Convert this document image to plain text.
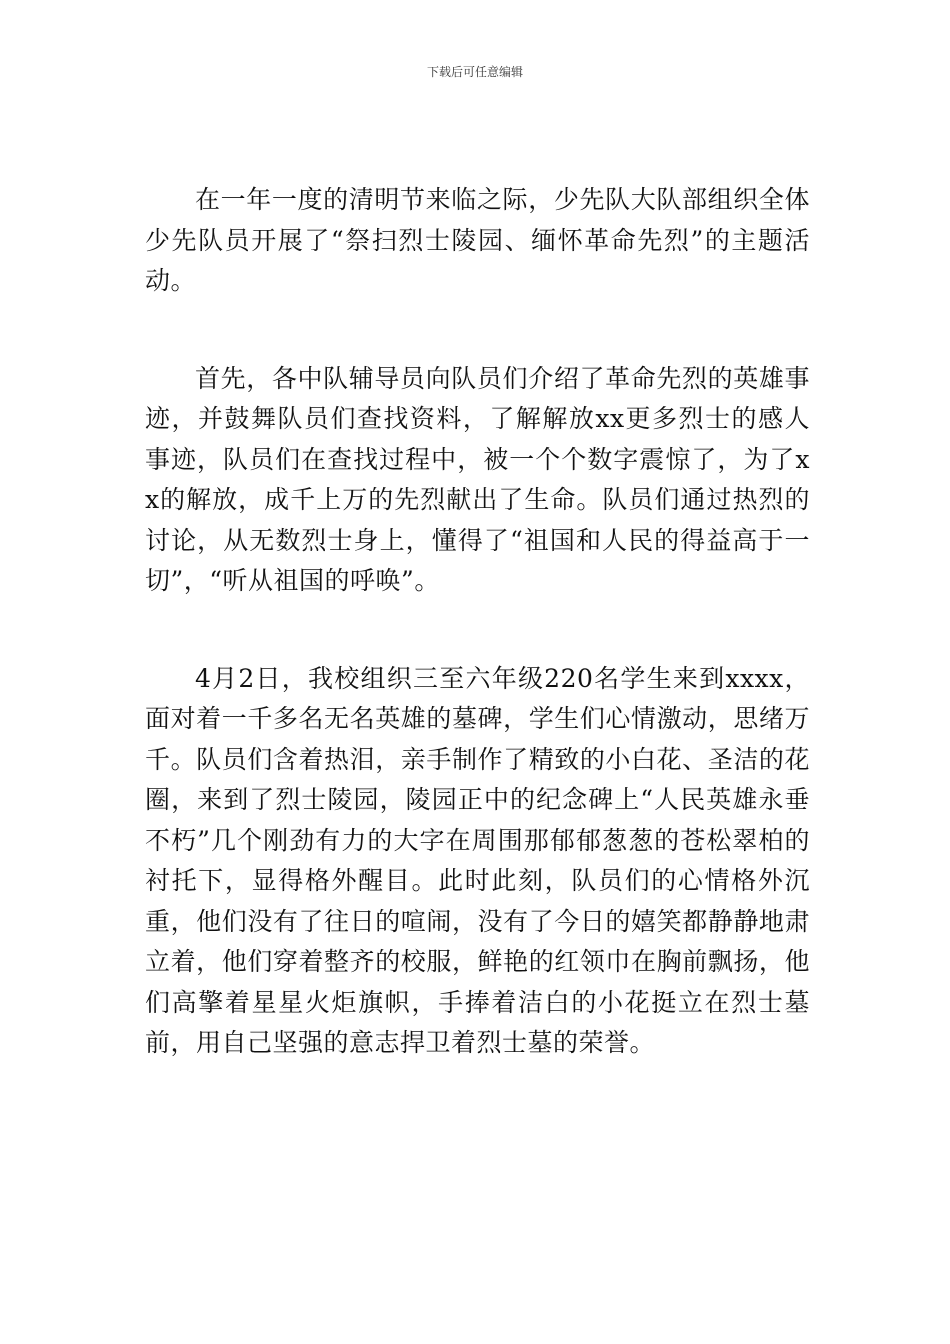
下载后可任意编辑

在一年一度的清明节来临之际，少先队大队部组织全体少先队员开展了“祭扫烈士陵园、缅怀革命先烈”的主题活动。

首先，各中队辅导员向队员们介绍了革命先烈的英雄事迹，并鼓舞队员们查找资料，了解解放xx更多烈士的感人事迹，队员们在查找过程中，被一个个数字震惊了，为了xx的解放，成千上万的先烈献出了生命。队员们通过热烈的讨论，从无数烈士身上，懂得了“祖国和人民的得益高于一切”，“听从祖国的呼唤”。

4月2日，我校组织三至六年级220名学生来到xxxx，面对着一千多名无名英雄的墓碑，学生们心情激动，思绪万千。队员们含着热泪，亲手制作了精致的小白花、圣洁的花圈，来到了烈士陵园，陵园正中的纪念碑上“人民英雄永垂不朽”几个刚劲有力的大字在周围那郁郁葱葱的苍松翠柏的衬托下，显得格外醒目。此时此刻，队员们的心情格外沉重，他们没有了往日的喧闹，没有了今日的嬉笑都静静地肃立着，他们穿着整齐的校服，鲜艳的红领巾在胸前飘扬，他们高擎着星星火炬旗帜，手捧着洁白的小花挺立在烈士墓前，用自己坚强的意志捍卫着烈士墓的荣誉。
